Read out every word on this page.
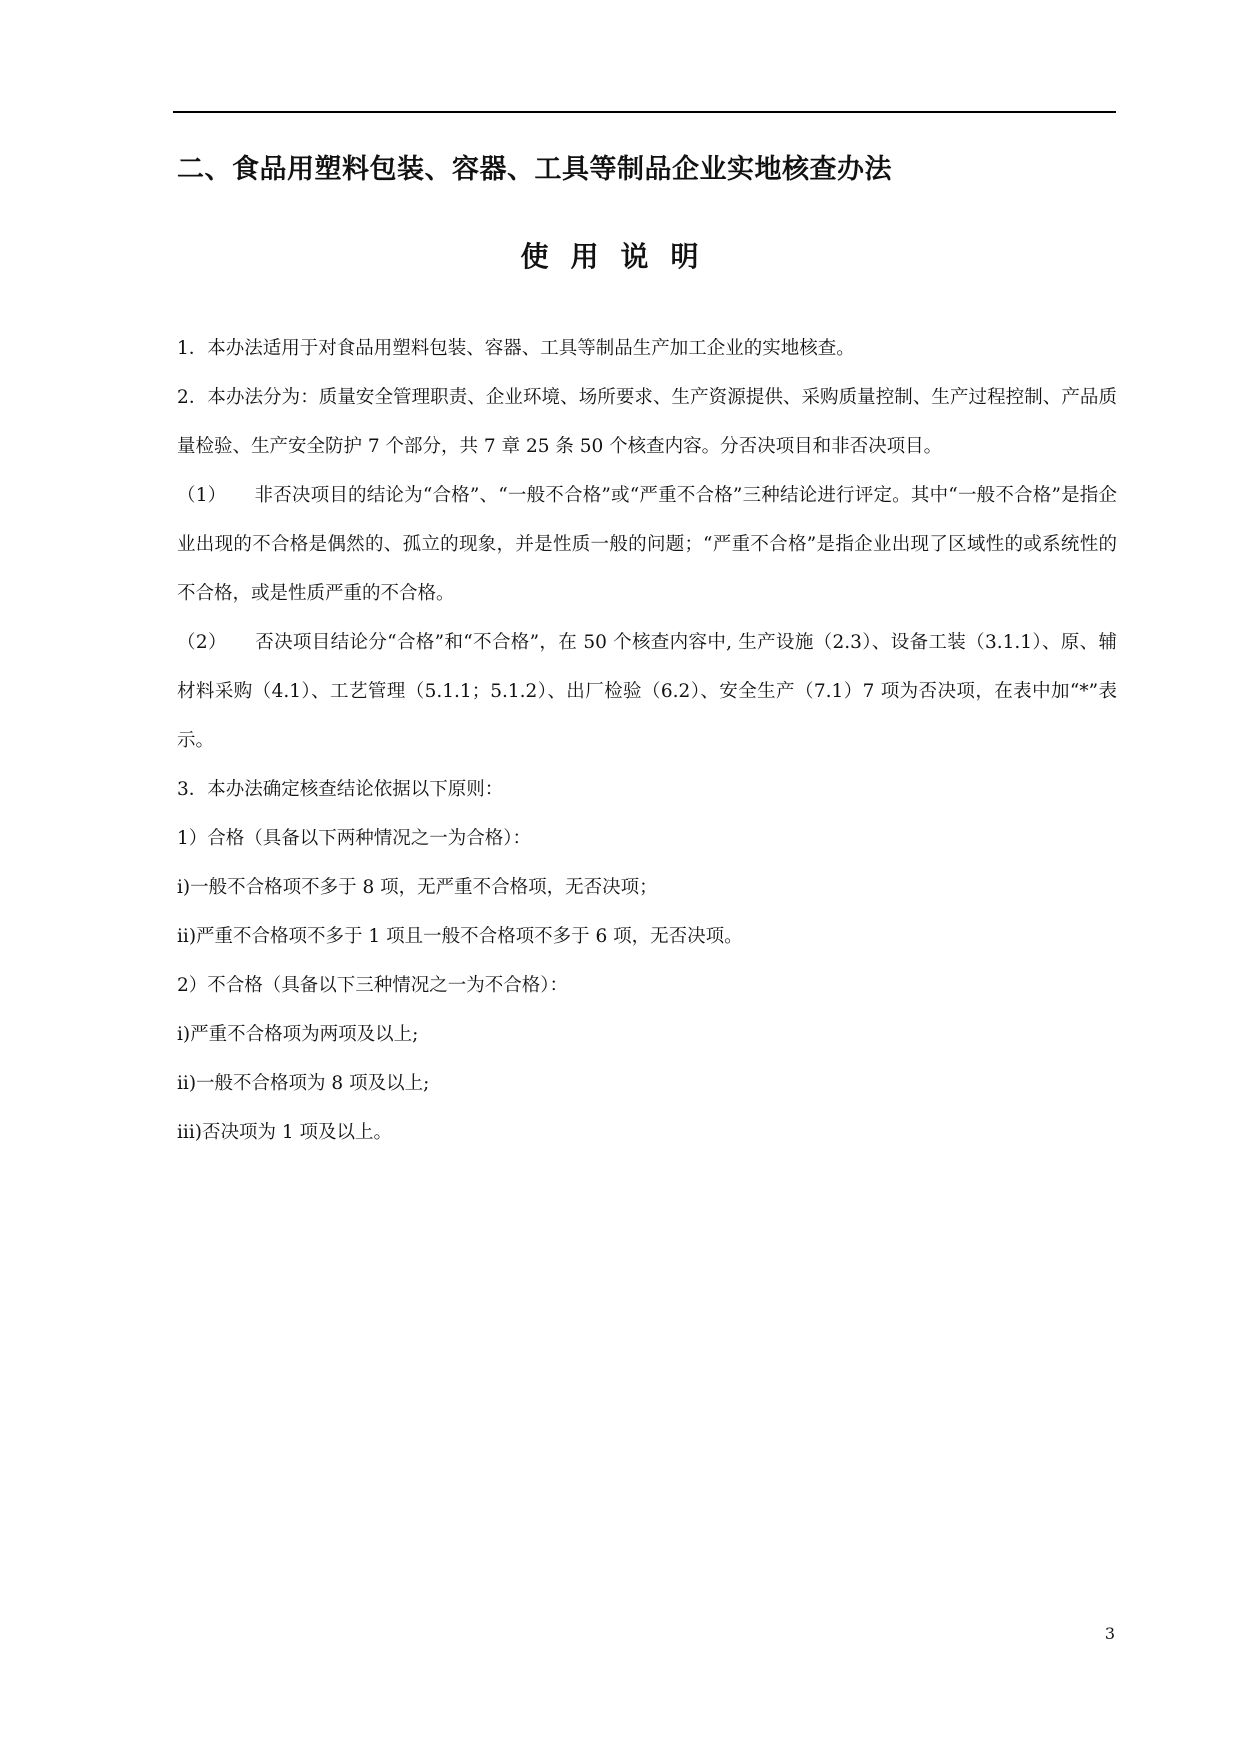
二、食品用塑料包装、容器、工具等制品企业实地核查办法
使用说明

1．本办法适用于对食品用塑料包装、容器、工具等制品生产加工企业的实地核查。

2．本办法分为：质量安全管理职责、企业环境、场所要求、生产资源提供、采购质量控制、生产过程控制、产品质量检验、生产安全防护 7 个部分，共 7 章 25 条 50 个核查内容。分否决项目和非否决项目。

（1）　　非否决项目的结论为“合格”、“一般不合格”或“严重不合格”三种结论进行评定。其中“一般不合格”是指企业出现的不合格是偶然的、孤立的现象，并是性质一般的问题；“严重不合格”是指企业出现了区域性的或系统性的不合格，或是性质严重的不合格。

（2）　　否决项目结论分“合格”和“不合格”，在 50 个核查内容中, 生产设施（2.3）、设备工装（3.1.1）、原、辅材料采购（4.1）、工艺管理（5.1.1；5.1.2）、出厂检验（6.2）、安全生产（7.1）7 项为否决项，在表中加“*”表示。

3．本办法确定核查结论依据以下原则：

1）合格（具备以下两种情况之一为合格）：

i)一般不合格项不多于 8 项，无严重不合格项，无否决项；

ii)严重不合格项不多于 1 项且一般不合格项不多于 6 项，无否决项。

2）不合格（具备以下三种情况之一为不合格）：

i)严重不合格项为两项及以上;

ii)一般不合格项为 8 项及以上;

iii)否决项为 1 项及以上。

3
